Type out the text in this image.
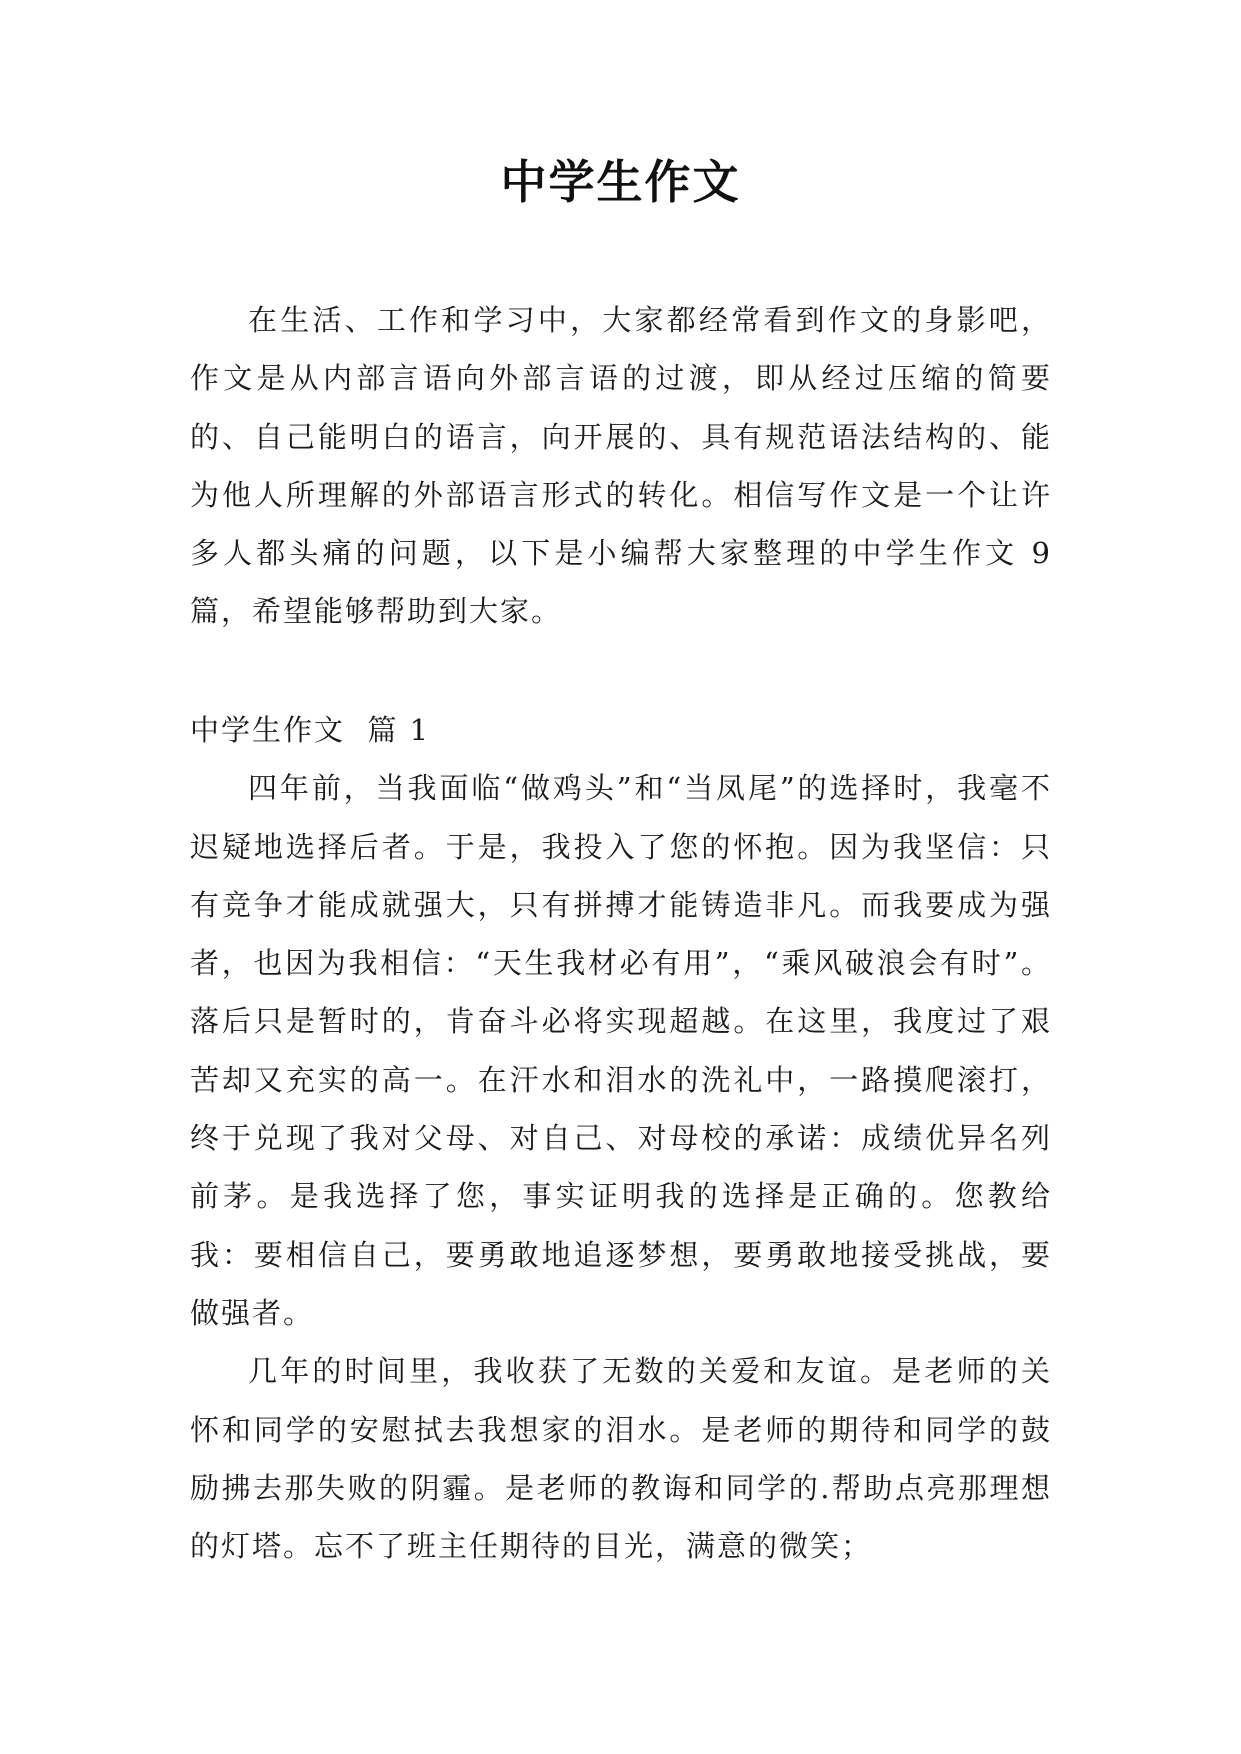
中学生作文

在生活、工作和学习中，大家都经常看到作文的身影吧，作文是从内部言语向外部言语的过渡，即从经过压缩的简要的、自己能明白的语言，向开展的、具有规范语法结构的、能为他人所理解的外部语言形式的转化。相信写作文是一个让许多人都头痛的问题，以下是小编帮大家整理的中学生作文 9 篇，希望能够帮助到大家。

中学生作文  篇 1

四年前，当我面临“做鸡头”和“当凤尾”的选择时，我毫不迟疑地选择后者。于是，我投入了您的怀抱。因为我坚信：只有竞争才能成就强大，只有拼搏才能铸造非凡。而我要成为强者，也因为我相信：“天生我材必有用”，“乘风破浪会有时”。落后只是暂时的，肯奋斗必将实现超越。在这里，我度过了艰苦却又充实的高一。在汗水和泪水的洗礼中，一路摸爬滚打，终于兑现了我对父母、对自己、对母校的承诺：成绩优异名列前茅。是我选择了您，事实证明我的选择是正确的。您教给我：要相信自己，要勇敢地追逐梦想，要勇敢地接受挑战，要做强者。

几年的时间里，我收获了无数的关爱和友谊。是老师的关怀和同学的安慰拭去我想家的泪水。是老师的期待和同学的鼓励拂去那失败的阴霾。是老师的教诲和同学的.帮助点亮那理想的灯塔。忘不了班主任期待的目光，满意的微笑；
